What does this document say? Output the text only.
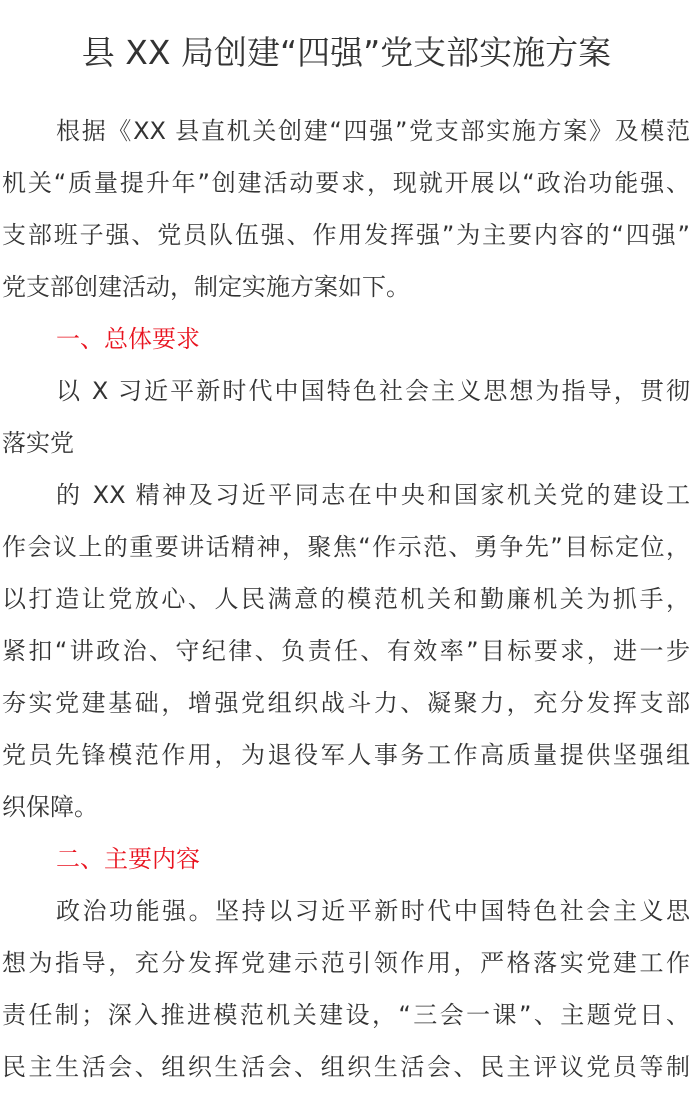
县 XX 局创建“四强”党支部实施方案
根据《XX 县直机关创建“四强”党支部实施方案》及模范
机关“质量提升年”创建活动要求，现就开展以“政治功能强、
支部班子强、党员队伍强、作用发挥强”为主要内容的“四强”
党支部创建活动，制定实施方案如下。
一、总体要求
以 X 习近平新时代中国特色社会主义思想为指导，贯彻
落实党
的 XX 精神及习近平同志在中央和国家机关党的建设工
作会议上的重要讲话精神，聚焦“作示范、勇争先”目标定位，
以打造让党放心、人民满意的模范机关和勤廉机关为抓手，
紧扣“讲政治、守纪律、负责任、有效率”目标要求，进一步
夯实党建基础，增强党组织战斗力、凝聚力，充分发挥支部
党员先锋模范作用，为退役军人事务工作高质量提供坚强组
织保障。
二、主要内容
政治功能强。坚持以习近平新时代中国特色社会主义思
想为指导，充分发挥党建示范引领作用，严格落实党建工作
责任制；深入推进模范机关建设，“三会一课”、主题党日、
民主生活会、组织生活会、组织生活会、民主评议党员等制
